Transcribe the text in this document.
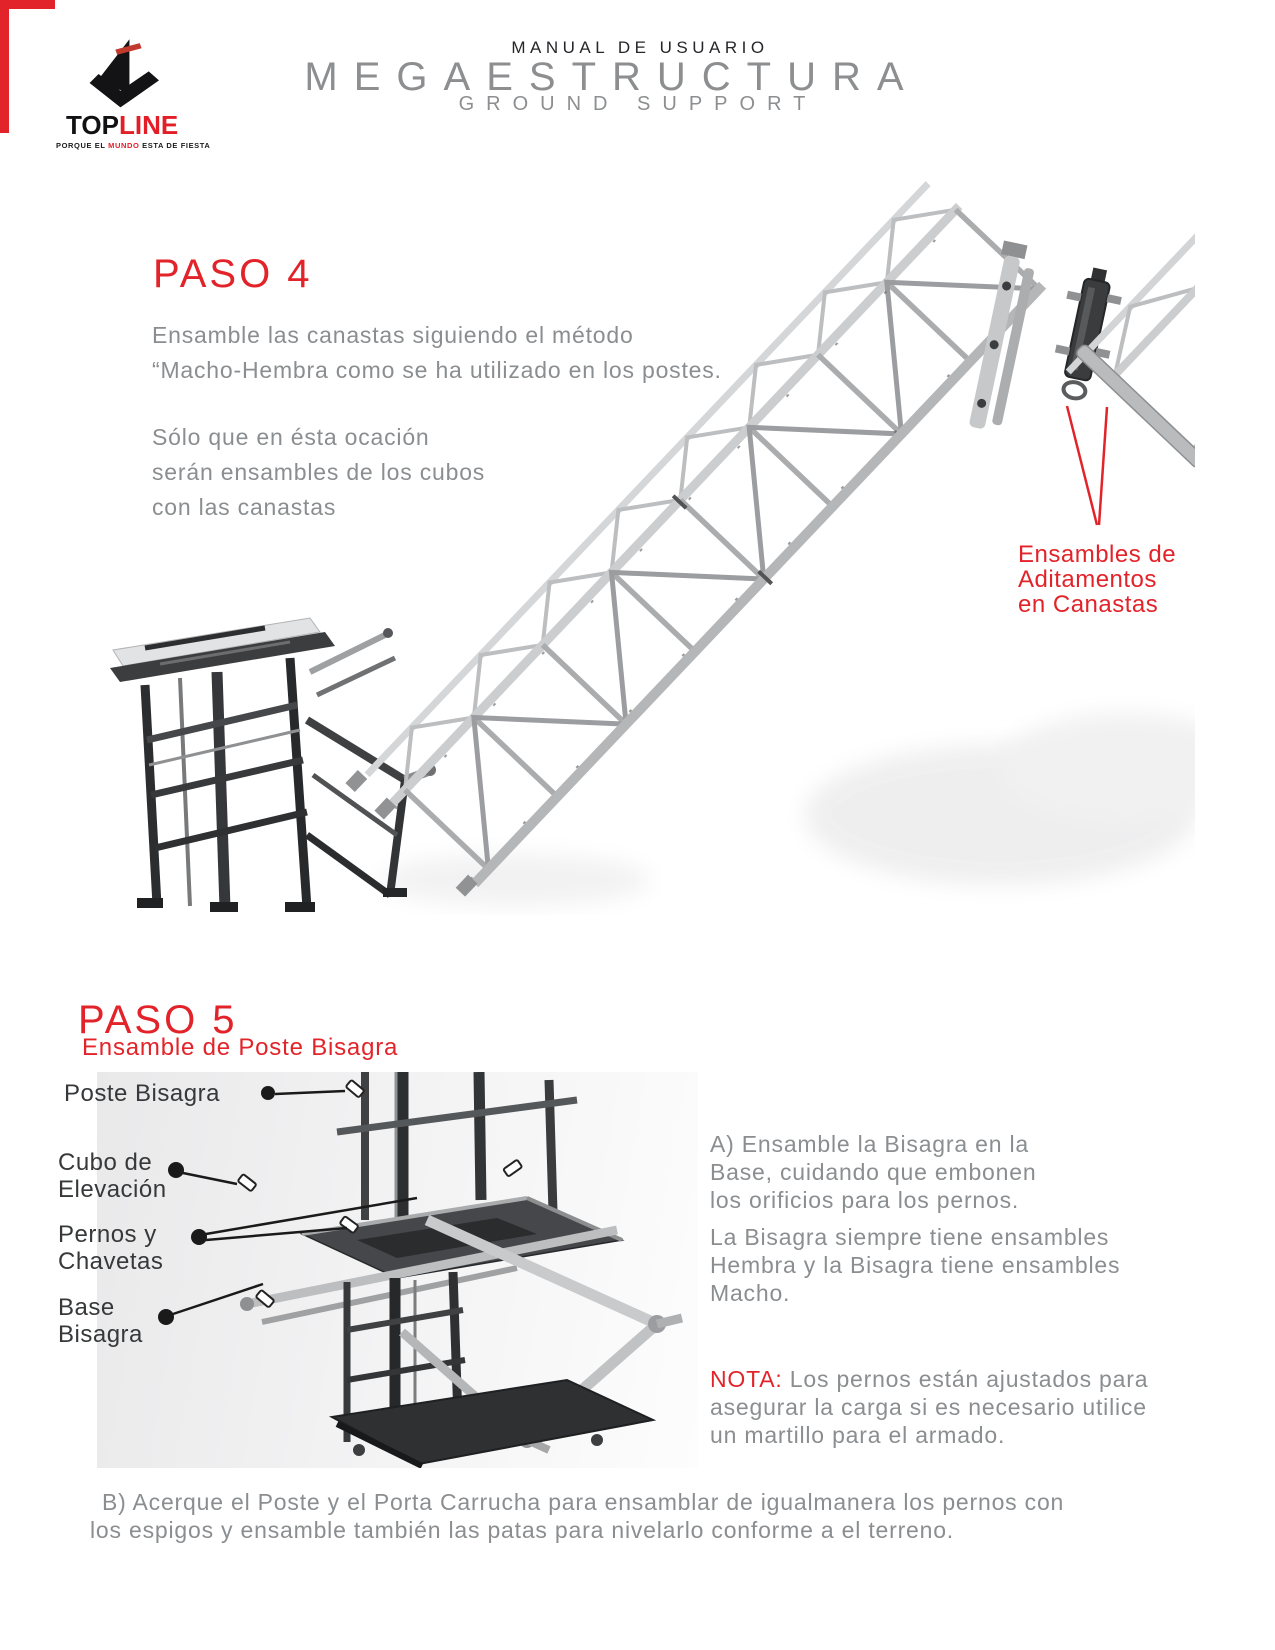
MANUAL DE USUARIO
MEGAESTRUCTURA
GROUND SUPPORT
TOPLINE
PORQUE EL MUNDO ESTA DE FIESTA
PASO 4
Ensamble las canastas siguiendo el método
“Macho-Hembra como se ha utilizado en los postes.
Sólo que en ésta ocación
serán ensambles de los cubos
con las canastas
Ensambles de
Aditamentos
en Canastas
PASO 5
Ensamble de Poste Bisagra
Poste Bisagra
Cubo de
Elevación
Pernos y
Chavetas
Base
Bisagra
A) Ensamble la Bisagra en la
Base, cuidando que embonen
los orificios para los pernos.
La Bisagra siempre tiene ensambles
Hembra y la Bisagra tiene ensambles
Macho.
NOTA: Los pernos están ajustados para
asegurar la carga si es necesario utilice
un martillo para el armado.
B) Acerque el Poste y el Porta Carrucha para ensamblar de igualmanera los pernos con
los espigos y ensamble también las patas para nivelarlo conforme a el terreno.
